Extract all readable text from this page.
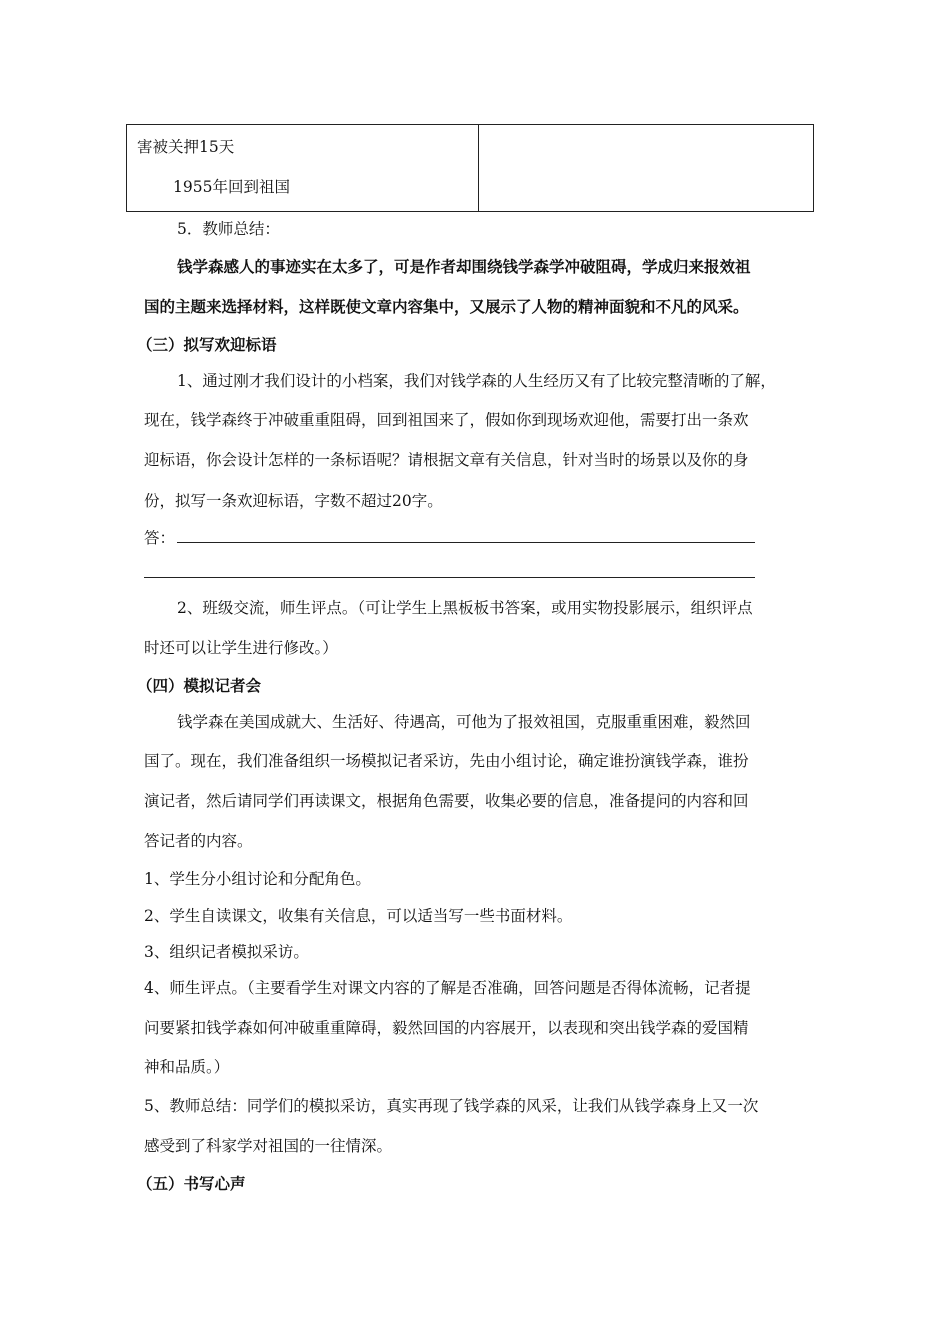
害被关押15天
1955年回到祖国
5．教师总结：
钱学森感人的事迹实在太多了，可是作者却围绕钱学森学冲破阻碍，学成归来报效祖
国的主题来选择材料，这样既使文章内容集中，又展示了人物的精神面貌和不凡的风采。
（三）拟写欢迎标语
1、通过刚才我们设计的小档案，我们对钱学森的人生经历又有了比较完整清晰的了解，
现在，钱学森终于冲破重重阻碍，回到祖国来了，假如你到现场欢迎他，需要打出一条欢
迎标语，你会设计怎样的一条标语呢？请根据文章有关信息，针对当时的场景以及你的身
份，拟写一条欢迎标语，字数不超过20字。
答：
2、班级交流，师生评点。（可让学生上黑板板书答案，或用实物投影展示，组织评点
时还可以让学生进行修改。）
（四）模拟记者会
钱学森在美国成就大、生活好、待遇高，可他为了报效祖国，克服重重困难，毅然回
国了。现在，我们准备组织一场模拟记者采访，先由小组讨论，确定谁扮演钱学森，谁扮
演记者，然后请同学们再读课文，根据角色需要，收集必要的信息，准备提问的内容和回
答记者的内容。
1、学生分小组讨论和分配角色。
2、学生自读课文，收集有关信息，可以适当写一些书面材料。
3、组织记者模拟采访。
4、师生评点。（主要看学生对课文内容的了解是否准确，回答问题是否得体流畅，记者提
问要紧扣钱学森如何冲破重重障碍，毅然回国的内容展开，以表现和突出钱学森的爱国精
神和品质。）
5、教师总结：同学们的模拟采访，真实再现了钱学森的风采，让我们从钱学森身上又一次
感受到了科家学对祖国的一往情深。
（五）书写心声
